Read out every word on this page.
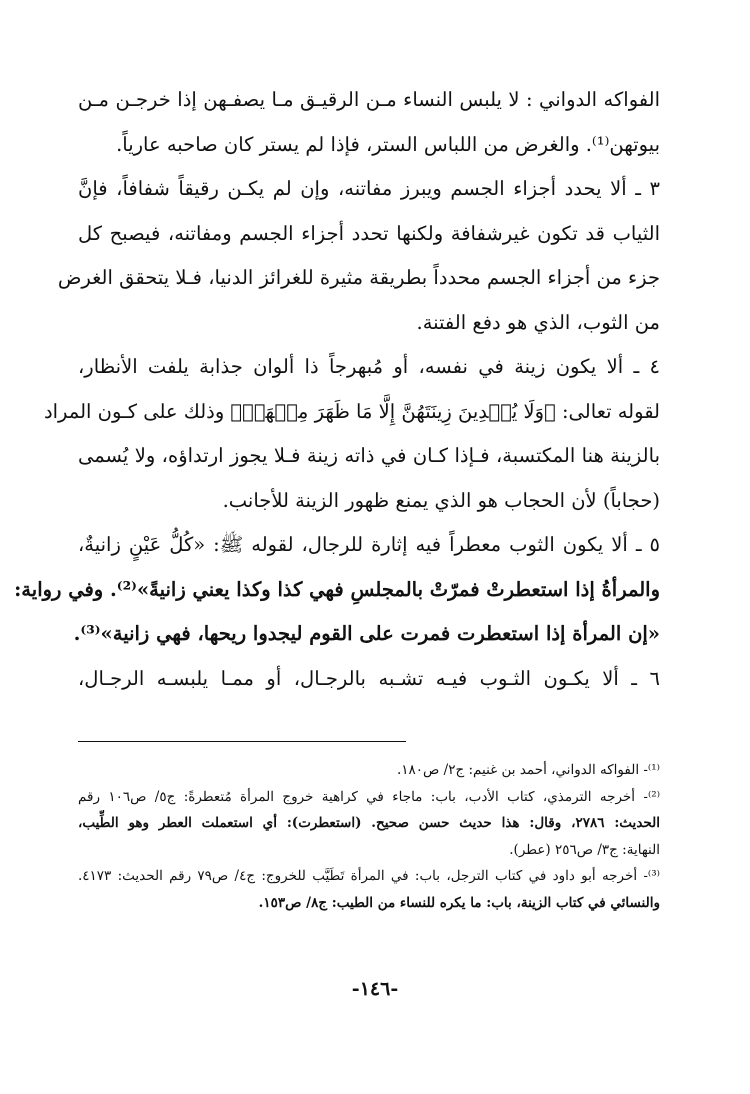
الفواكه الدواني : لا يلبس النساء مـن الرقيـق مـا يصفـهن إذا خرجـن مـن
بيوتهن⁽¹⁾. والغرض من اللباس الستر، فإذا لم يستر كان صاحبه عارياً.
٣ ـ ألا يحدد أجزاء الجسم ويبرز مفاتنه، وإن لم يكـن رقيقاً شفافاً، فإنَّ
الثياب قد تكون غيرشفافة ولكنها تحدد أجزاء الجسم ومفاتنه، فيصبح كل
جزء من أجزاء الجسم محدداً بطريقة مثيرة للغرائز الدنيا، فـلا يتحقق الغرض
من الثوب، الذي هو دفع الفتنة.
٤ ـ ألا يكون زينة في نفسه، أو مُبهرجاً ذا ألوان جذابة يلفت الأنظار،
لقوله تعالى: ﴿وَلَا يُبۡدِينَ زِينَتَهُنَّ إِلَّا مَا ظَهَرَ مِنۡهَاۖ﴾ وذلك على كـون المراد
بالزينة هنا المكتسبة، فـإذا كـان في ذاته زينة فـلا يجوز ارتداؤه، ولا يُسمى
(حجاباً) لأن الحجاب هو الذي يمنع ظهور الزينة للأجانب.
٥ ـ ألا يكون الثوب معطراً فيه إثارة للرجال، لقوله ﷺ: «كُلُّ عَيْنٍ زانيةٌ،
والمرأةُ إذا استعطرتْ فمرّتْ بالمجلسِ فهي كذا وكذا يعني زانيةً»⁽²⁾. وفي رواية:
«إن المرأة إذا استعطرت فمرت على القوم ليجدوا ريحها، فهي زانية»⁽³⁾.
٦ ـ ألا يكـون الثـوب فيـه تشـبه بالرجـال، أو ممـا يلبسـه الرجـال،
⁽¹⁾- الفواكه الدواني، أحمد بن غنيم: ج٢/ ص١٨٠.
⁽²⁾- أخرجه الترمذي، كتاب الأدب، باب: ماجاء في كراهية خروج المرأة مُتعطرةً: ج٥/ ص١٠٦ رقم
الحديث: ٢٧٨٦، وقال: هذا حديث حسن صحيح. (استعطرت): أي استعملت العطر وهو الطِّيب،
النهاية: ج٣/ ص٢٥٦ (عطر).
⁽³⁾- أخرجه أبو داود في كتاب الترجل، باب: في المرأة تَطَيَّب للخروج: ج٤/ ص٧٩ رقم الحديث: ٤١٧٣.
والنسائي في كتاب الزينة، باب: ما يكره للنساء من الطيب: ج٨/ ص١٥٣.
-١٤٦-
